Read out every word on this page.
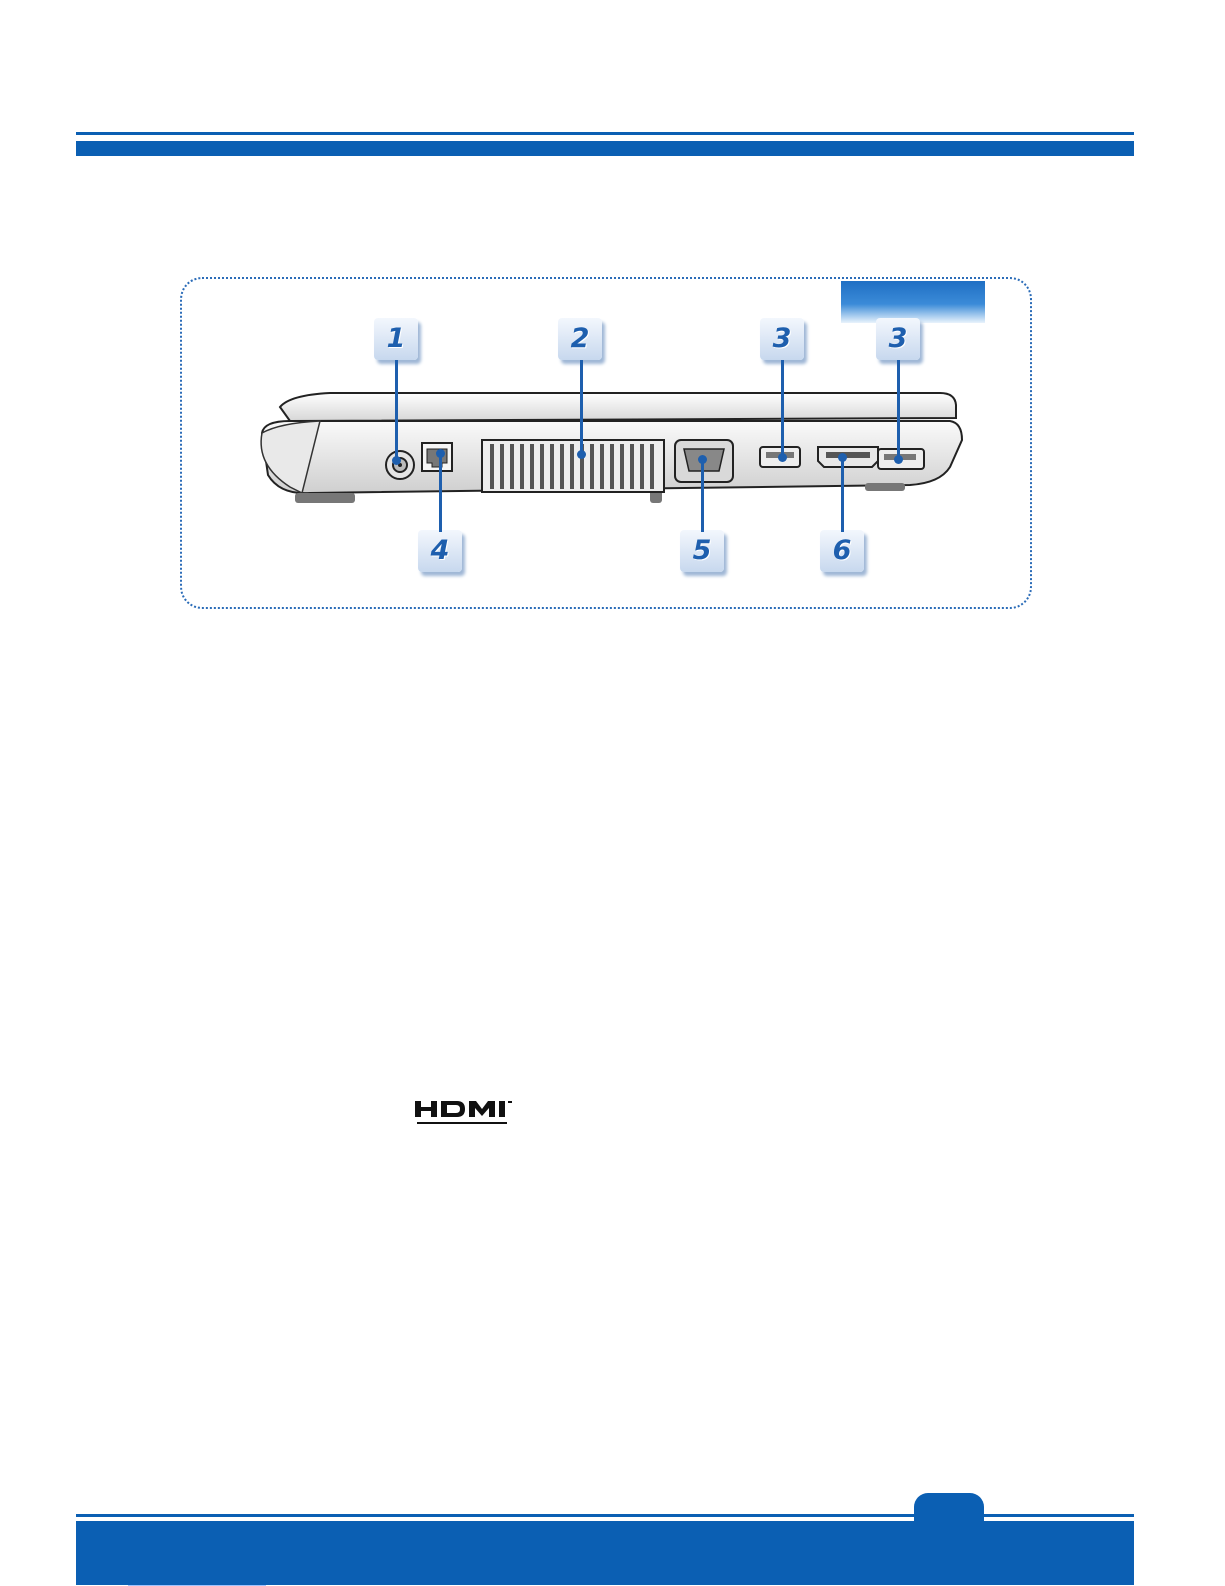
1	2	3	3
4	5	6
